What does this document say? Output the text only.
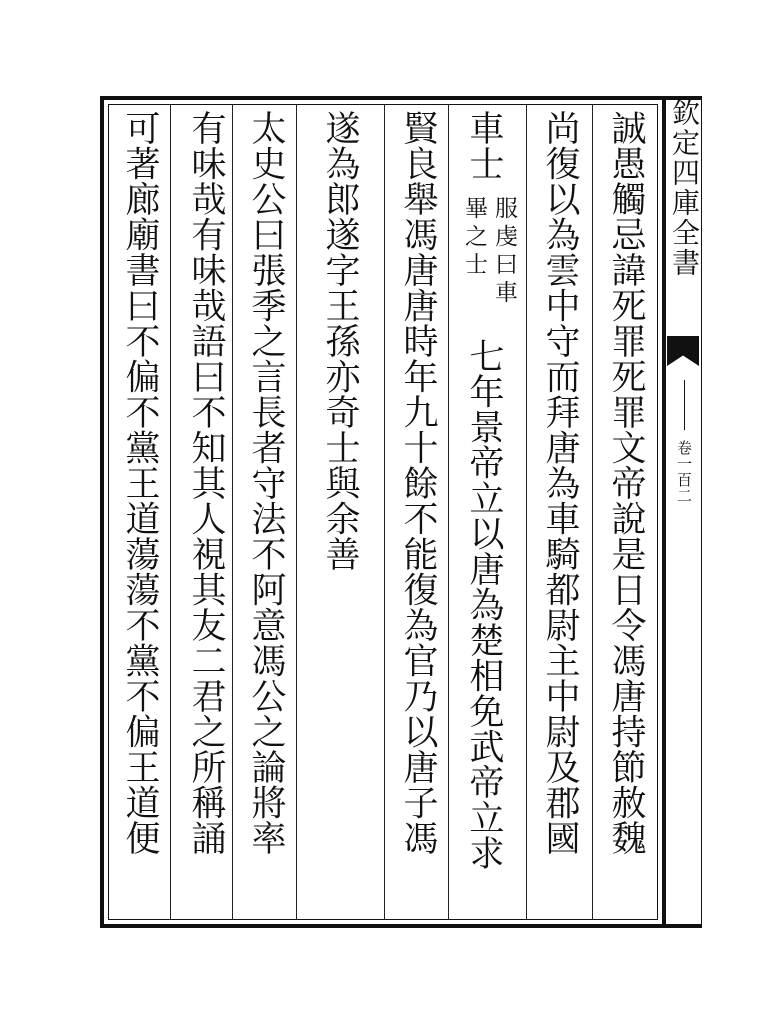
誠愚觸忌諱死罪死罪文帝說是日令馮唐持節赦魏
尚復以為雲中守而拜唐為車騎都尉主中尉及郡國
車士
服虔曰車
畢之士
七年景帝立以唐為楚相免武帝立求
賢良舉馮唐唐時年九十餘不能復為官乃以唐子馮
遂為郎遂字王孫亦奇士與余善
太史公曰張季之言長者守法不阿意馮公之論將率
有味哉有味哉語曰不知其人視其友二君之所稱誦
可著廊廟書曰不偏不黨王道蕩蕩不黨不偏王道便	欽定四庫全書
卷一百二
